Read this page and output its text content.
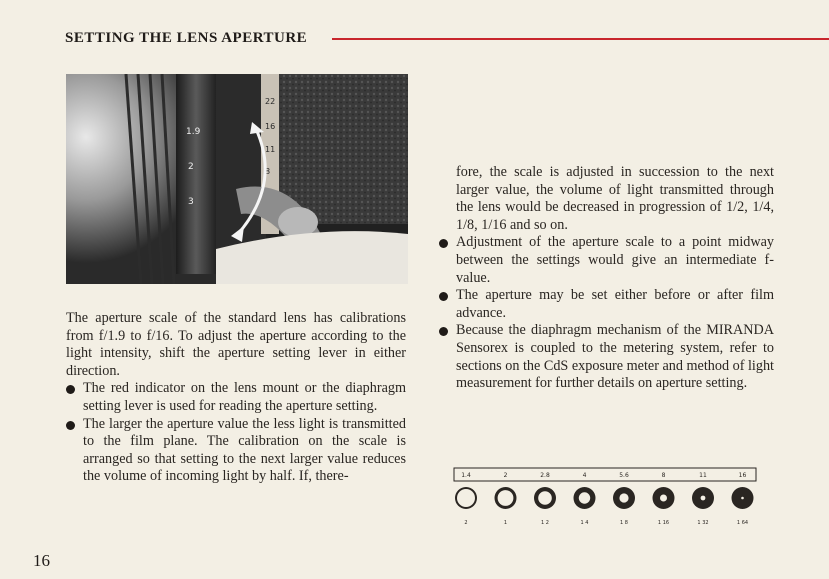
SETTING THE LENS APERTURE
1.9
2
3
22
16
11
8

The aperture scale of the standard lens has calibrations from f/1.9 to f/16. To adjust the aperture according to the light intensity, shift the aperture setting lever in either direction.

The red indicator on the lens mount or the diaphragm setting lever is used for reading the aperture setting.

The larger the aperture value the less light is transmitted to the film plane. The calibration on the scale is arranged so that setting to the next larger value reduces the volume of incoming light by half. If, there-

fore, the scale is adjusted in succession to the next larger value, the volume of light transmitted through the lens would be decreased in progression of 1/2, 1/4, 1/8, 1/16 and so on.

Adjustment of the aperture scale to a point midway between the settings would give an intermediate f-value.

The aperture may be set either before or after film advance.

Because the diaphragm mechanism of the MIRANDA Sensorex is coupled to the metering system, refer to sections on the CdS exposure meter and method of light measurement for further details on aperture setting.

1.4
2
2
1
2.8
1 2
4
1 4
5.6
1 8
8
1 16
11
1 32
16
1 64
16
